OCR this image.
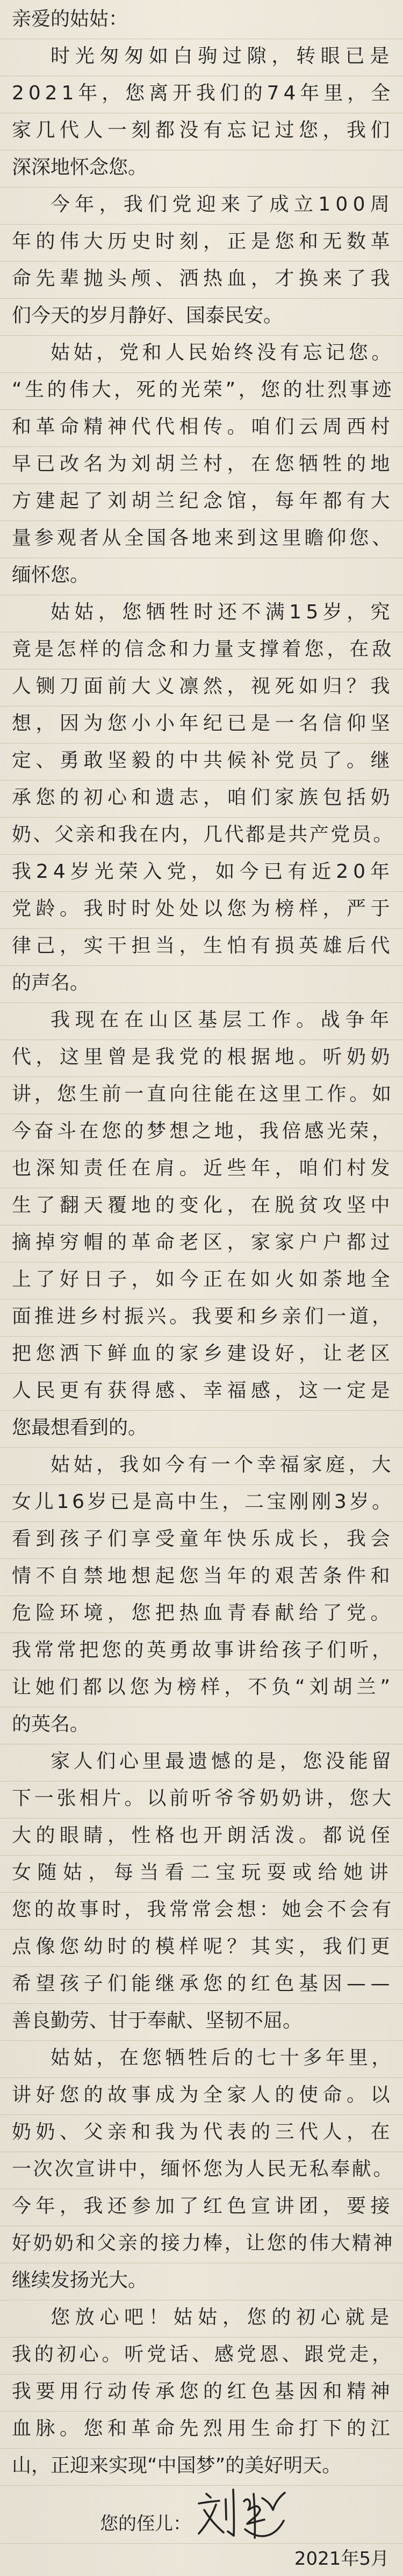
亲爱的姑姑：
时光匆匆如白驹过隙，转眼已是
2021年，您离开我们的74年里，全
家几代人一刻都没有忘记过您，我们
深深地怀念您。
今年，我们党迎来了成立100周
年的伟大历史时刻，正是您和无数革
命先辈抛头颅、洒热血，才换来了我
们今天的岁月静好、国泰民安。
姑姑，党和人民始终没有忘记您。
“生的伟大，死的光荣”，您的壮烈事迹
和革命精神代代相传。咱们云周西村
早已改名为刘胡兰村，在您牺牲的地
方建起了刘胡兰纪念馆，每年都有大
量参观者从全国各地来到这里瞻仰您、
缅怀您。
姑姑，您牺牲时还不满15岁，究
竟是怎样的信念和力量支撑着您，在敌
人铡刀面前大义凛然，视死如归？我
想，因为您小小年纪已是一名信仰坚
定、勇敢坚毅的中共候补党员了。继
承您的初心和遗志，咱们家族包括奶
奶、父亲和我在内，几代都是共产党员。
我24岁光荣入党，如今已有近20年
党龄。我时时处处以您为榜样，严于
律己，实干担当，生怕有损英雄后代
的声名。
我现在在山区基层工作。战争年
代，这里曾是我党的根据地。听奶奶
讲，您生前一直向往能在这里工作。如
今奋斗在您的梦想之地，我倍感光荣，
也深知责任在肩。近些年，咱们村发
生了翻天覆地的变化，在脱贫攻坚中
摘掉穷帽的革命老区，家家户户都过
上了好日子，如今正在如火如荼地全
面推进乡村振兴。我要和乡亲们一道，
把您洒下鲜血的家乡建设好，让老区
人民更有获得感、幸福感，这一定是
您最想看到的。
姑姑，我如今有一个幸福家庭，大
女儿16岁已是高中生，二宝刚刚3岁。
看到孩子们享受童年快乐成长，我会
情不自禁地想起您当年的艰苦条件和
危险环境，您把热血青春献给了党。
我常常把您的英勇故事讲给孩子们听，
让她们都以您为榜样，不负“刘胡兰”
的英名。
家人们心里最遗憾的是，您没能留
下一张相片。以前听爷爷奶奶讲，您大
大的眼睛，性格也开朗活泼。都说侄
女随姑，每当看二宝玩耍或给她讲
您的故事时，我常常会想：她会不会有
点像您幼时的模样呢？其实，我们更
希望孩子们能继承您的红色基因——
善良勤劳、甘于奉献、坚韧不屈。
姑姑，在您牺牲后的七十多年里，
讲好您的故事成为全家人的使命。以
奶奶、父亲和我为代表的三代人，在
一次次宣讲中，缅怀您为人民无私奉献。
今年，我还参加了红色宣讲团，要接
好奶奶和父亲的接力棒，让您的伟大精神
继续发扬光大。
您放心吧！姑姑，您的初心就是
我的初心。听党话、感党恩、跟党走，
我要用行动传承您的红色基因和精神
血脉。您和革命先烈用生命打下的江
山，正迎来实现“中国梦”的美好明天。
您的侄儿：
2021年5月
